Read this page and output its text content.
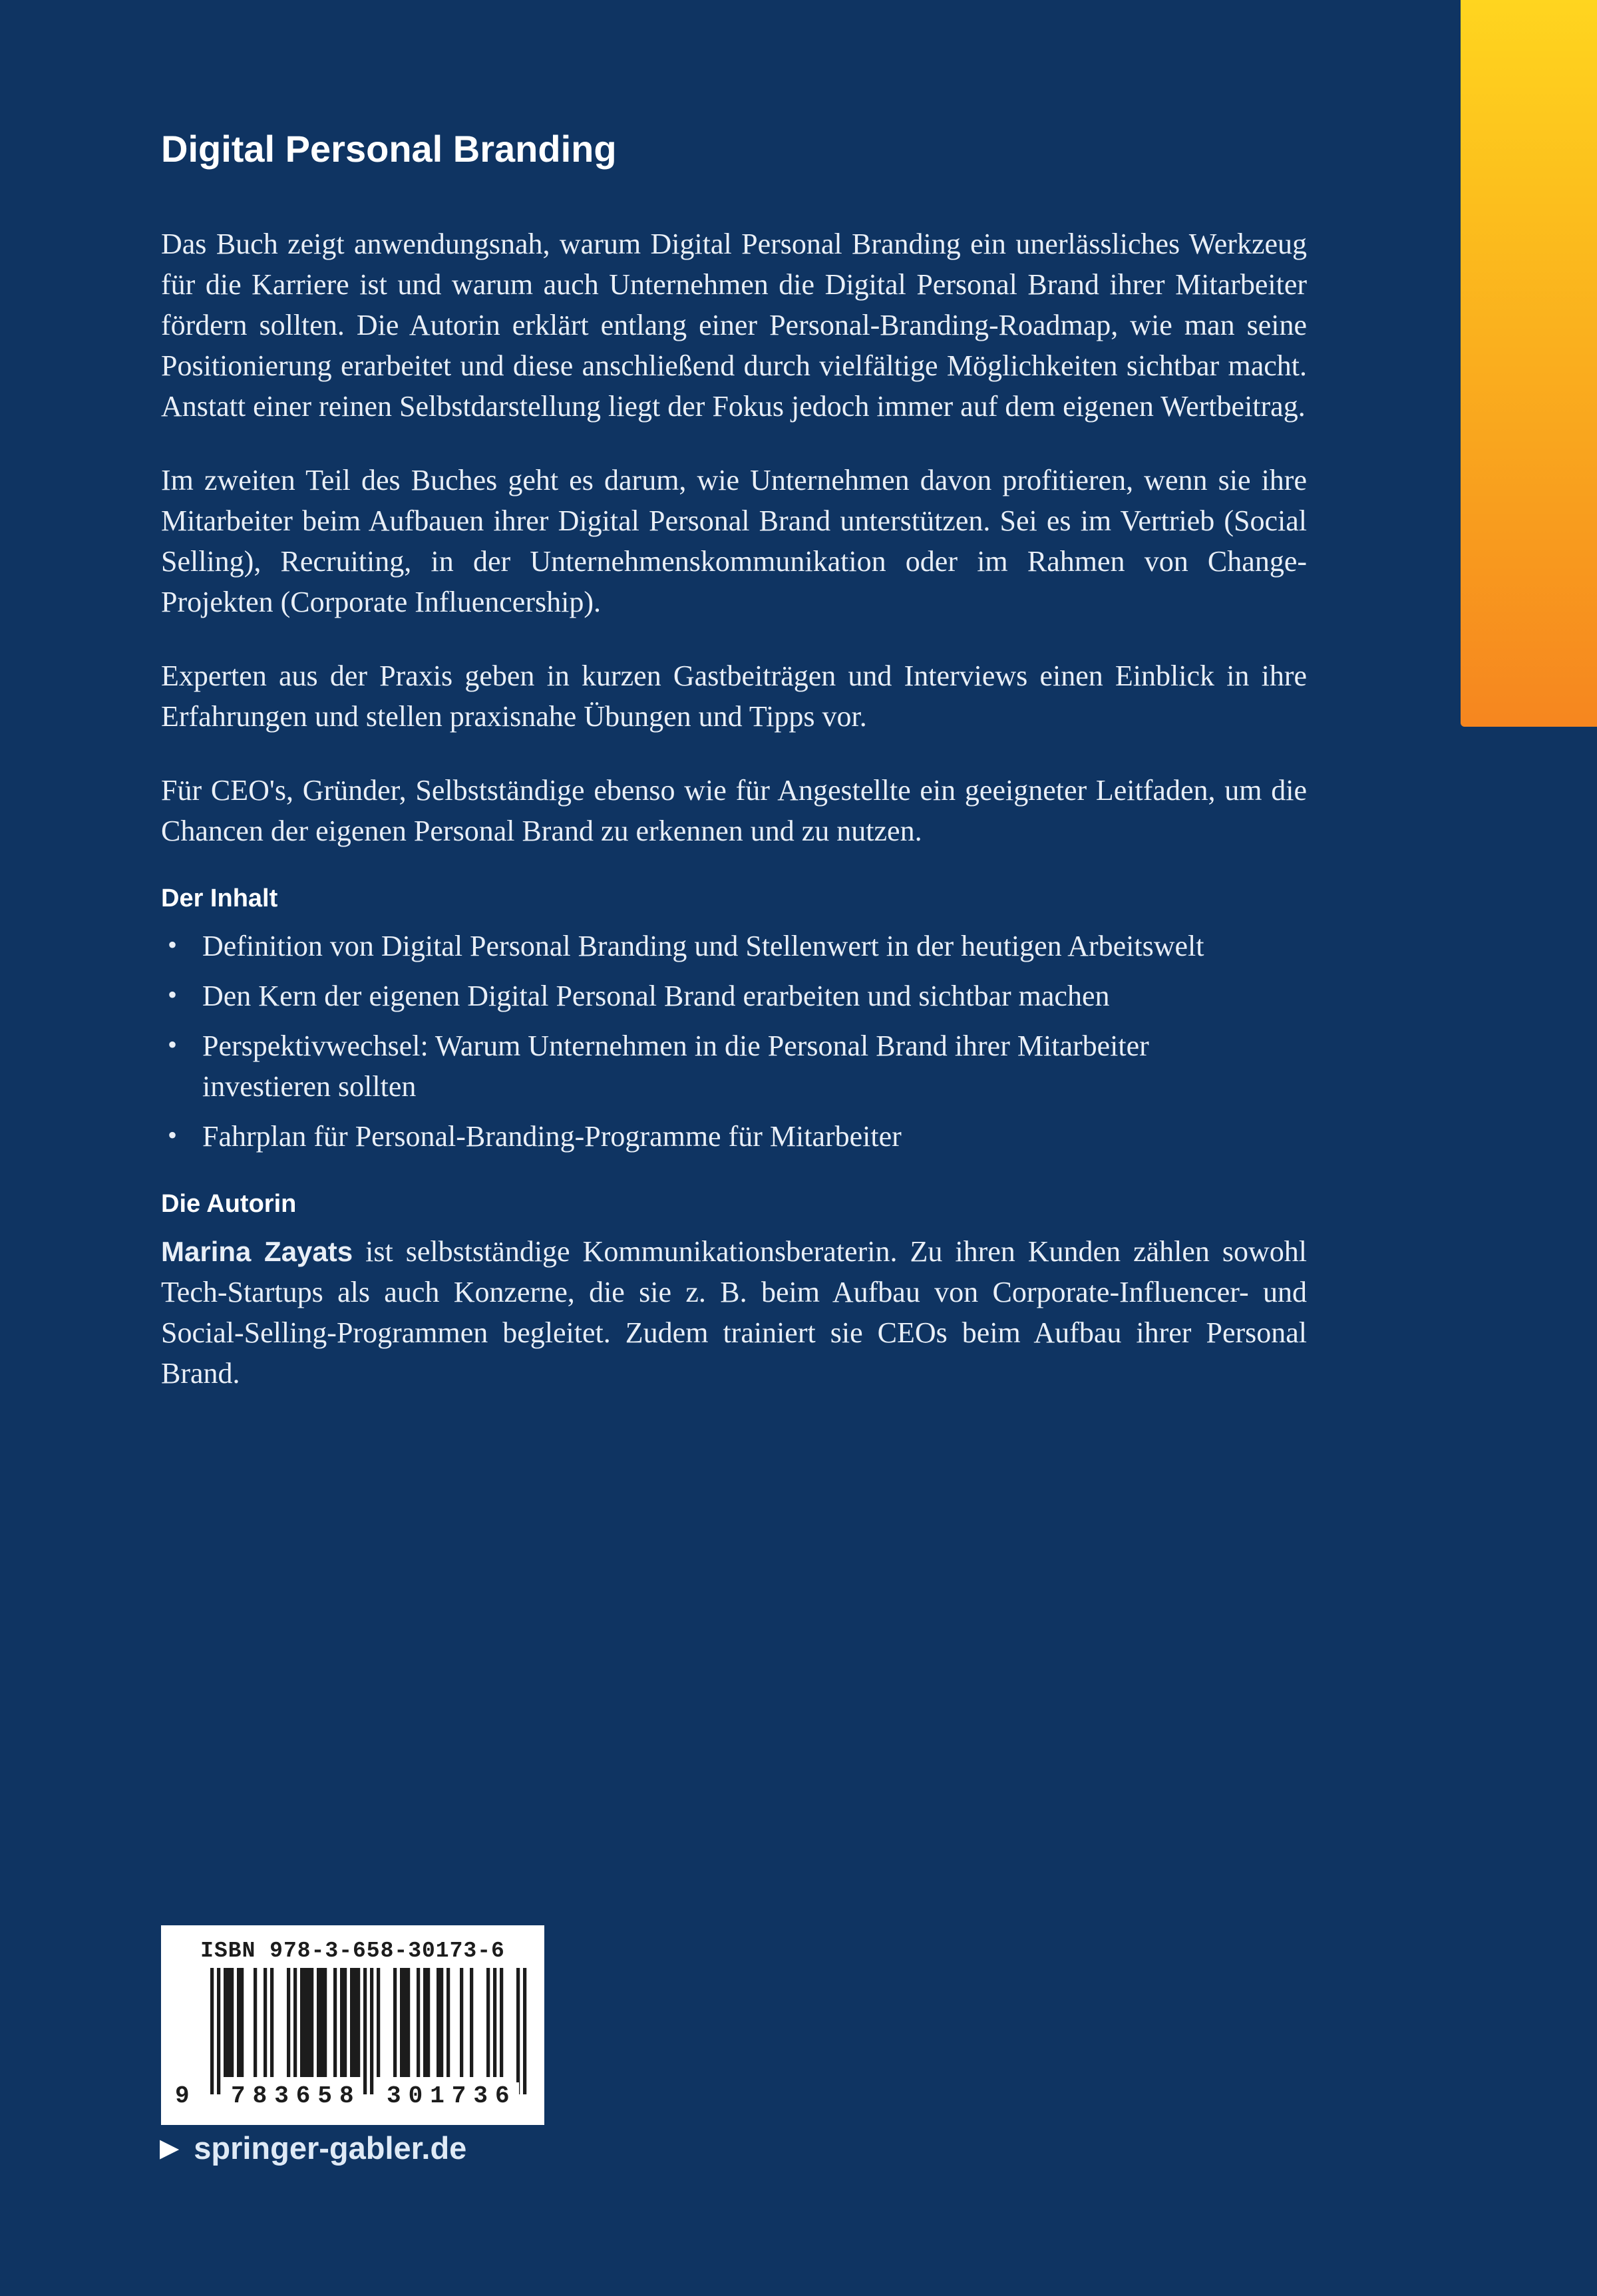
Digital Personal Branding

Das Buch zeigt anwendungsnah, warum Digital Personal Branding ein unerlässliches Werkzeug für die Karriere ist und warum auch Unternehmen die Digital Personal Brand ihrer Mitarbeiter fördern sollten. Die Autorin erklärt entlang einer Personal-Branding-Roadmap, wie man seine Positionierung erarbeitet und diese anschließend durch vielfältige Möglichkeiten sichtbar macht. Anstatt einer reinen Selbstdarstellung liegt der Fokus jedoch immer auf dem eigenen Wertbeitrag.

Im zweiten Teil des Buches geht es darum, wie Unternehmen davon profitieren, wenn sie ihre Mitarbeiter beim Aufbauen ihrer Digital Personal Brand unterstützen. Sei es im Vertrieb (Social Selling), Recruiting, in der Unternehmenskommunikation oder im Rahmen von Change-Projekten (Corporate Influencership).

Experten aus der Praxis geben in kurzen Gastbeiträgen und Interviews einen Einblick in ihre Erfahrungen und stellen praxisnahe Übungen und Tipps vor.

Für CEO's, Gründer, Selbstständige ebenso wie für Angestellte ein geeigneter Leitfaden, um die Chancen der eigenen Personal Brand zu erkennen und zu nutzen.

Der Inhalt
• Definition von Digital Personal Branding und Stellenwert in der heutigen Arbeitswelt
• Den Kern der eigenen Digital Personal Brand erarbeiten und sichtbar machen
• Perspektivwechsel: Warum Unternehmen in die Personal Brand ihrer Mitarbeiter investieren sollten
• Fahrplan für Personal-Branding-Programme für Mitarbeiter
Die Autorin

Marina Zayats ist selbstständige Kommunikationsberaterin. Zu ihren Kunden zählen sowohl Tech-Startups als auch Konzerne, die sie z. B. beim Aufbau von Corporate-Influencer- und Social-Selling-Programmen begleitet. Zudem trainiert sie CEOs beim Aufbau ihrer Personal Brand.

ISBN 978-3-658-30173-6
9 783658 301736
▶ springer-gabler.de
